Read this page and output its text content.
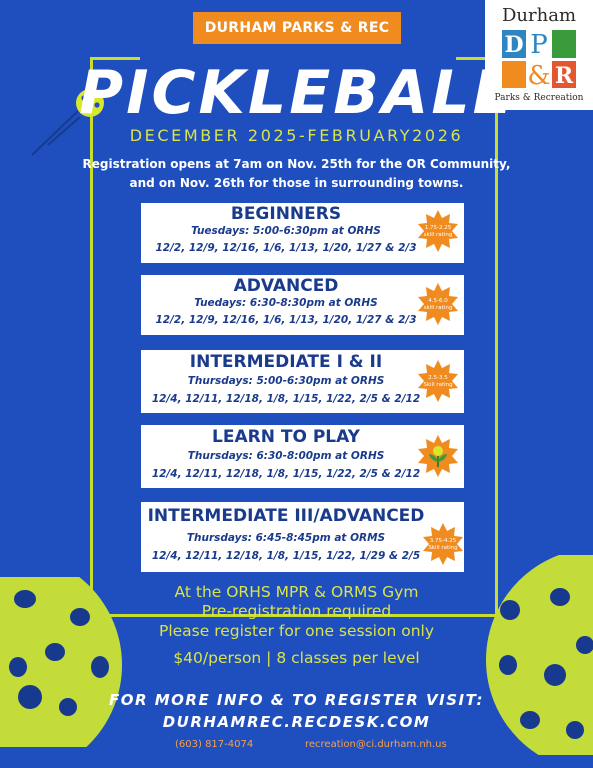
DURHAM PARKS & REC
Durham
D P
& R
Parks & Recreation
PICKLEBALL
DECEMBER 2025-FEBRUARY2026
Registration opens at 7am on Nov. 25th for the OR Community,
and on Nov. 26th for those in surrounding towns.
BEGINNERS
Tuesdays: 5:00-6:30pm at ORHS
12/2, 12/9, 12/16, 1/6, 1/13, 1/20, 1/27 & 2/3
1.75-2.25
skill rating
ADVANCED
Tuedays: 6:30-8:30pm at ORHS
12/2, 12/9, 12/16, 1/6, 1/13, 1/20, 1/27 & 2/3
4.5-6.0
skill rating
INTERMEDIATE I & II
Thursdays: 5:00-6:30pm at ORHS
12/4, 12/11, 12/18, 1/8, 1/15, 1/22, 2/5 & 2/12
2.5-3.5
Skill rating
LEARN TO PLAY
Thursdays: 6:30-8:00pm at ORHS
12/4, 12/11, 12/18, 1/8, 1/15, 1/22, 2/5 & 2/12
INTERMEDIATE III/ADVANCED
Thursdays: 6:45-8:45pm at ORMS
12/4, 12/11, 12/18, 1/8, 1/15, 1/22, 1/29 & 2/5
3.75-4.25
Skill rating
At the ORHS MPR & ORMS Gym
Pre-registration required
Please register for one session only
$40/person | 8 classes per level
FOR MORE INFO & TO REGISTER VISIT:
DURHAMREC.RECDESK.COM
(603) 817-4074	recreation@ci.durham.nh.us
